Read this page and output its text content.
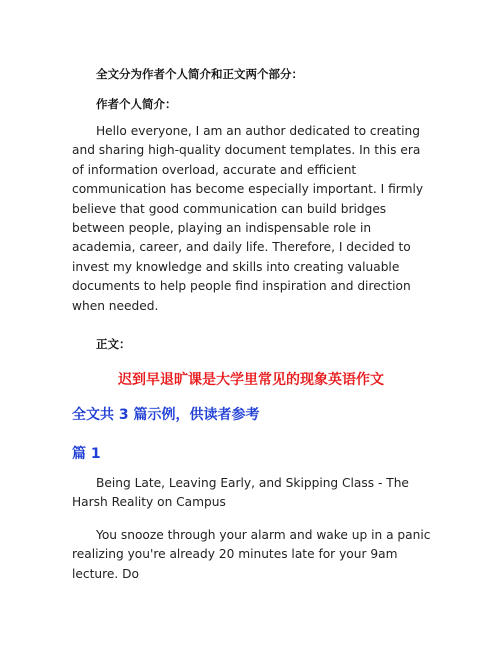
全文分为作者个人简介和正文两个部分：
作者个人简介：

Hello everyone, I am an author dedicated to creating and sharing high-quality document templates. In this era of information overload, accurate and efficient communication has become especially important. I firmly believe that good communication can build bridges between people, playing an indispensable role in academia, career, and daily life. Therefore, I decided to invest my knowledge and skills into creating valuable documents to help people find inspiration and direction when needed.

正文：
迟到早退旷课是大学里常见的现象英语作文
全文共 3 篇示例，供读者参考
篇 1

Being Late, Leaving Early, and Skipping Class - The Harsh Reality on Campus

You snooze through your alarm and wake up in a panic realizing you're already 20 minutes late for your 9am lecture. Do
